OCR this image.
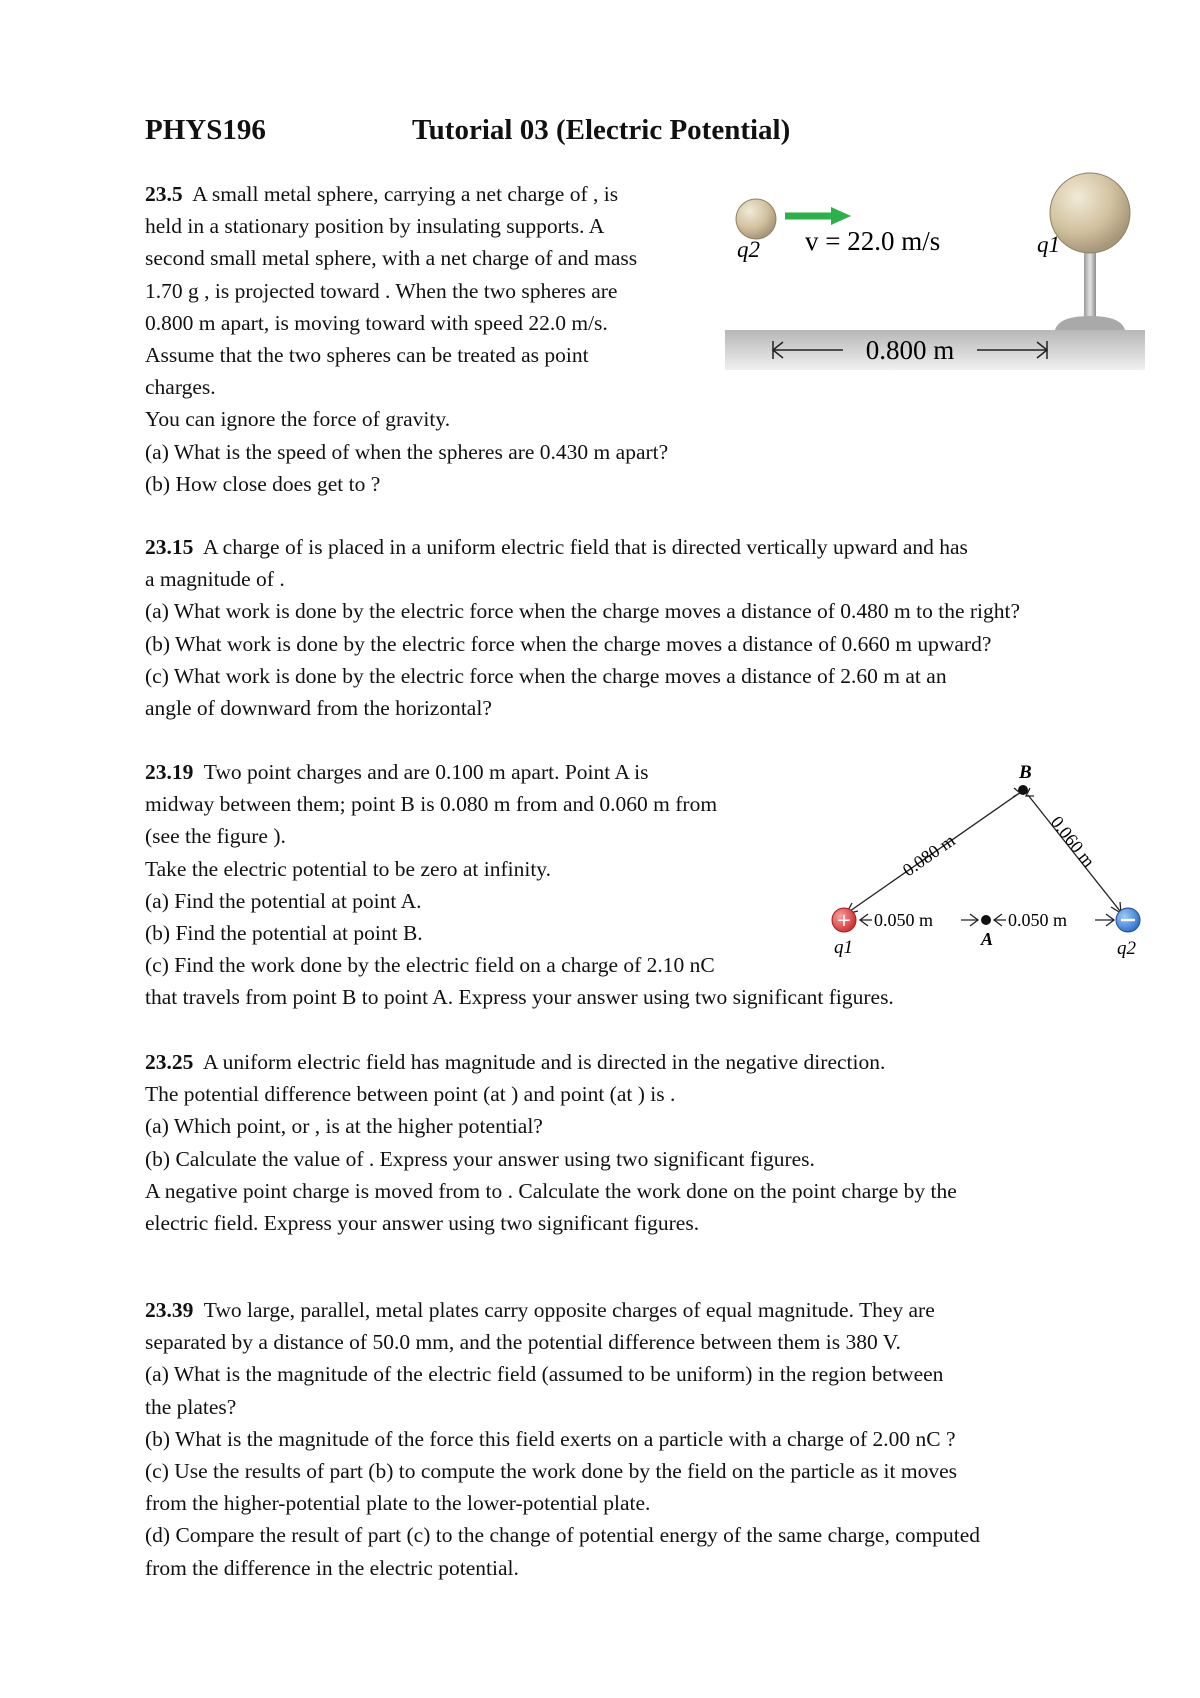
PHYS196	Tutorial 03 (Electric Potential)

23.5 A small metal sphere, carrying a net charge of , is

held in a stationary position by insulating supports. A

second small metal sphere, with a net charge of and mass

1.70 g , is projected toward . When the two spheres are

0.800 m apart, is moving toward with speed 22.0 m/s.

Assume that the two spheres can be treated as point

charges.

You can ignore the force of gravity.

(a) What is the speed of when the spheres are 0.430 m apart?

(b) How close does get to ?

q2 v = 22.0 m/s	q1
0.800 m

23.15 A charge of is placed in a uniform electric field that is directed vertically upward and has

a magnitude of .

(a) What work is done by the electric force when the charge moves a distance of 0.480 m to the right?

(b) What work is done by the electric force when the charge moves a distance of 0.660 m upward?

(c) What work is done by the electric force when the charge moves a distance of 2.60 m at an

angle of downward from the horizontal?

23.19 Two point charges and are 0.100 m apart. Point A is

midway between them; point B is 0.080 m from and 0.060 m from

(see the figure ).

Take the electric potential to be zero at infinity.

(a) Find the potential at point A.

(b) Find the potential at point B.

(c) Find the work done by the electric field on a charge of 2.10 nC

that travels from point B to point A. Express your answer using two significant figures.

B
0.080 m	0.060 m
+ 0.050 m	0.050 m
A
q1	q2

23.25 A uniform electric field has magnitude and is directed in the negative direction.

The potential difference between point (at ) and point (at ) is .

(a) Which point, or , is at the higher potential?

(b) Calculate the value of . Express your answer using two significant figures.

A negative point charge is moved from to . Calculate the work done on the point charge by the

electric field. Express your answer using two significant figures.

23.39 Two large, parallel, metal plates carry opposite charges of equal magnitude. They are

separated by a distance of 50.0 mm, and the potential difference between them is 380 V.

(a) What is the magnitude of the electric field (assumed to be uniform) in the region between

the plates?

(b) What is the magnitude of the force this field exerts on a particle with a charge of 2.00 nC ?

(c) Use the results of part (b) to compute the work done by the field on the particle as it moves

from the higher-potential plate to the lower-potential plate.

(d) Compare the result of part (c) to the change of potential energy of the same charge, computed

from the difference in the electric potential.
